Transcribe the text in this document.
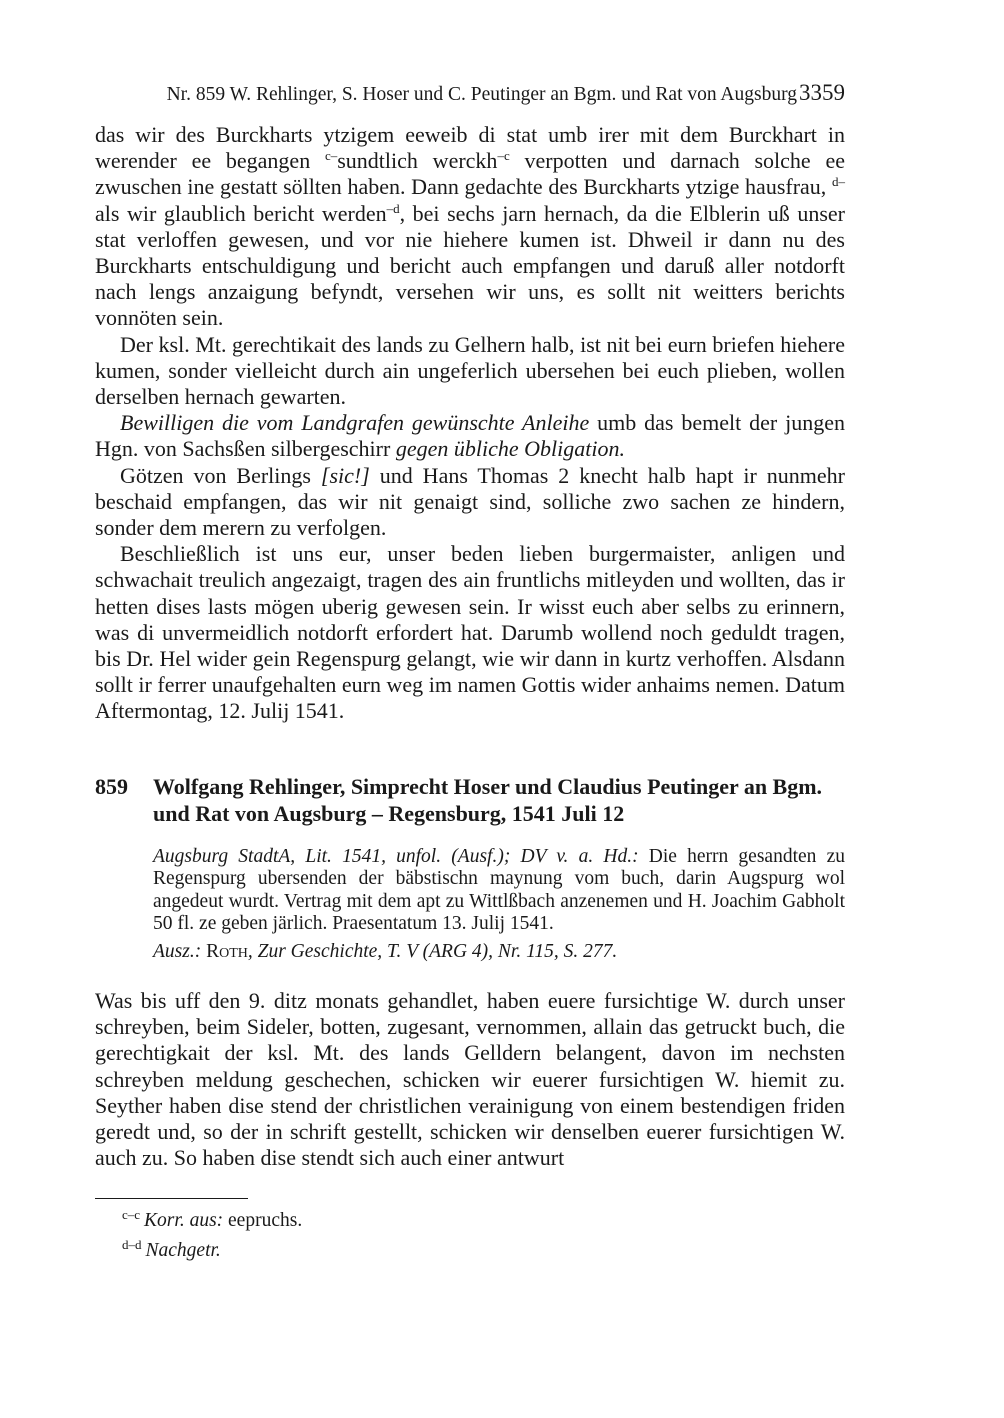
Nr. 859 W. Rehlinger, S. Hoser und C. Peutinger an Bgm. und Rat von Augsburg3359

das wir des Burckharts ytzigem eeweib di stat umb irer mit dem Burckhart in werender ee begangen $^{c-}$sundtlich werckh$^{-c}$ verpotten und darnach solche ee zwuschen ine gestatt söllten haben. Dann gedachte des Burckharts ytzige hausfrau, $^{d-}$als wir glaublich bericht werden$^{-d}$, bei sechs jarn hernach, da die Elblerin uß unser stat verloffen gewesen, und vor nie hiehere kumen ist. Dhweil ir dann nu des Burckharts entschuldigung und bericht auch empfangen und daruß aller notdorft nach lengs anzaigung befyndt, versehen wir uns, es sollt nit weitters berichts vonnöten sein.

Der ksl. Mt. gerechtikait des lands zu Gelhern halb, ist nit bei eurn briefen hiehere kumen, sonder vielleicht durch ain ungeferlich ubersehen bei euch plieben, wollen derselben hernach gewarten.

Bewilligen die vom Landgrafen gewünschte Anleihe umb das bemelt der jungen Hgn. von Sachsßen silbergeschirr gegen übliche Obligation.

Götzen von Berlings [sic!] und Hans Thomas 2 knecht halb hapt ir nunmehr beschaid empfangen, das wir nit genaigt sind, solliche zwo sachen ze hindern, sonder dem merern zu verfolgen.

Beschließlich ist uns eur, unser beden lieben burgermaister, anligen und schwachait treulich angezaigt, tragen des ain fruntlichs mitleyden und wollten, das ir hetten dises lasts mögen uberig gewesen sein. Ir wisst euch aber selbs zu erinnern, was di unvermeidlich notdorft erfordert hat. Darumb wollend noch geduldt tragen, bis Dr. Hel wider gein Regenspurg gelangt, wie wir dann in kurtz verhoffen. Alsdann sollt ir ferrer unaufgehalten eurn weg im namen Gottis wider anhaims nemen. Datum Aftermontag, 12. Julij 1541.

859 Wolfgang Rehlinger, Simprecht Hoser und Claudius Peutinger an Bgm. und Rat von Augsburg – Regensburg, 1541 Juli 12

Augsburg StadtA, Lit. 1541, unfol. (Ausf.); DV v. a. Hd.: Die herrn gesandten zu Regenspurg ubersenden der bäbstischn maynung vom buch, darin Augspurg wol angedeut wurdt. Vertrag mit dem apt zu Wittlßbach anzenemen und H. Joachim Gabholt 50 fl. ze geben järlich. Praesentatum 13. Julij 1541.

Ausz.: Roth, Zur Geschichte, T. V (ARG 4), Nr. 115, S. 277.

Was bis uff den 9. ditz monats gehandlet, haben euere fursichtige W. durch unser schreyben, beim Sideler, botten, zugesant, vernommen, allain das getruckt buch, die gerechtigkait der ksl. Mt. des lands Gelldern belangent, davon im nechsten schreyben meldung geschechen, schicken wir euerer fursichtigen W. hiemit zu. Seyther haben dise stend der christlichen verainigung von einem bestendigen friden geredt und, so der in schrift gestellt, schicken wir denselben euerer fursichtigen W. auch zu. So haben dise stendt sich auch einer antwurt

$^{c-c}$ Korr. aus: eepruchs.
$^{d-d}$ Nachgetr.
